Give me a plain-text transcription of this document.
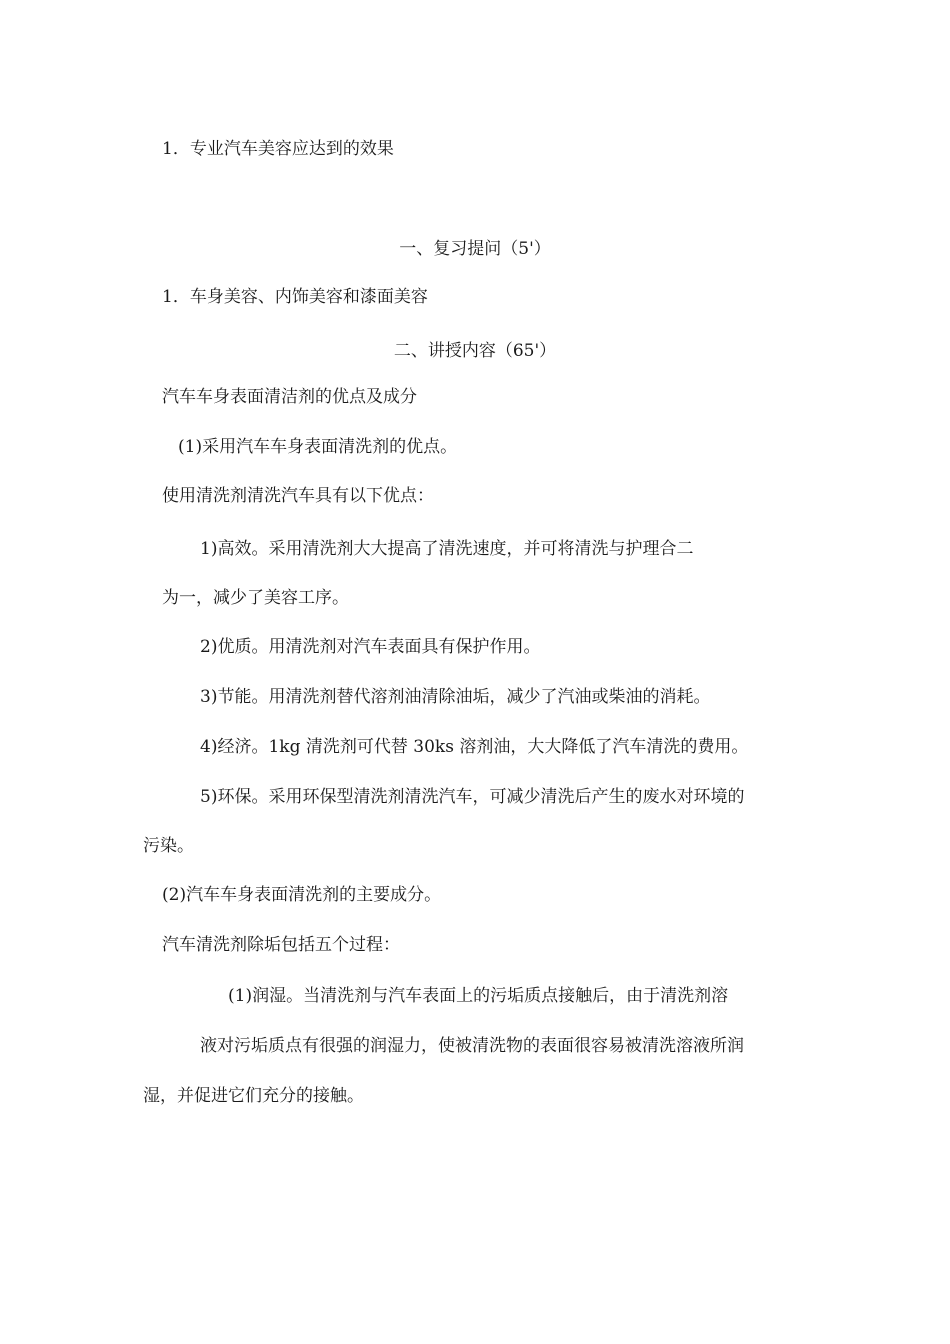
1．专业汽车美容应达到的效果

一、复习提问（5'）

1．车身美容、内饰美容和漆面美容

二、讲授内容（65'）

汽车车身表面清洁剂的优点及成分

(1)采用汽车车身表面清洗剂的优点。

使用清洗剂清洗汽车具有以下优点：

1)高效。采用清洗剂大大提高了清洗速度，并可将清洗与护理合二

为一，减少了美容工序。

2)优质。用清洗剂对汽车表面具有保护作用。

3)节能。用清洗剂替代溶剂油清除油垢，减少了汽油或柴油的消耗。

4)经济。1kg 清洗剂可代替 30ks 溶剂油，大大降低了汽车清洗的费用。

5)环保。采用环保型清洗剂清洗汽车，可减少清洗后产生的废水对环境的

污染。

(2)汽车车身表面清洗剂的主要成分。

汽车清洗剂除垢包括五个过程：

(1)润湿。当清洗剂与汽车表面上的污垢质点接触后，由于清洗剂溶

液对污垢质点有很强的润湿力，使被清洗物的表面很容易被清洗溶液所润

湿，并促进它们充分的接触。
